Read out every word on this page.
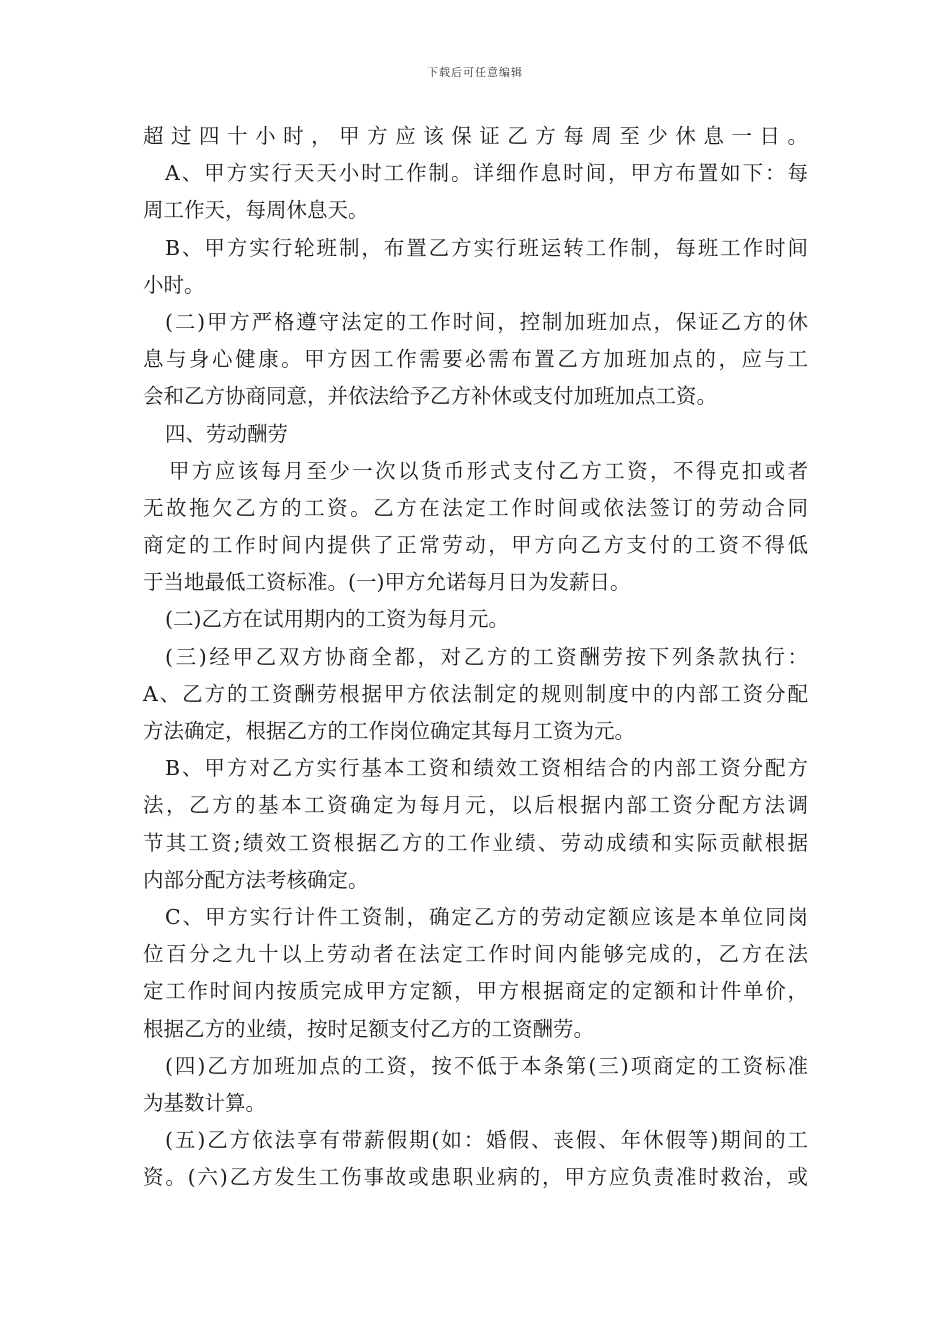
下载后可任意编辑
超过四十小时，甲方应该保证乙方每周至少休息一日。
A、甲方实行天天小时工作制。详细作息时间，甲方布置如下：每
周工作天，每周休息天。
B、甲方实行轮班制，布置乙方实行班运转工作制，每班工作时间
小时。
(二)甲方严格遵守法定的工作时间，控制加班加点，保证乙方的休
息与身心健康。甲方因工作需要必需布置乙方加班加点的，应与工
会和乙方协商同意，并依法给予乙方补休或支付加班加点工资。
四、劳动酬劳
甲方应该每月至少一次以货币形式支付乙方工资，不得克扣或者
无故拖欠乙方的工资。乙方在法定工作时间或依法签订的劳动合同
商定的工作时间内提供了正常劳动，甲方向乙方支付的工资不得低
于当地最低工资标准。(一)甲方允诺每月日为发薪日。
(二)乙方在试用期内的工资为每月元。
(三)经甲乙双方协商全都，对乙方的工资酬劳按下列条款执行：
A、乙方的工资酬劳根据甲方依法制定的规则制度中的内部工资分配
方法确定，根据乙方的工作岗位确定其每月工资为元。
B、甲方对乙方实行基本工资和绩效工资相结合的内部工资分配方
法，乙方的基本工资确定为每月元，以后根据内部工资分配方法调
节其工资;绩效工资根据乙方的工作业绩、劳动成绩和实际贡献根据
内部分配方法考核确定。
C、甲方实行计件工资制，确定乙方的劳动定额应该是本单位同岗
位百分之九十以上劳动者在法定工作时间内能够完成的，乙方在法
定工作时间内按质完成甲方定额，甲方根据商定的定额和计件单价，
根据乙方的业绩，按时足额支付乙方的工资酬劳。
(四)乙方加班加点的工资，按不低于本条第(三)项商定的工资标准
为基数计算。
(五)乙方依法享有带薪假期(如：婚假、丧假、年休假等)期间的工
资。(六)乙方发生工伤事故或患职业病的，甲方应负责准时救治，或
